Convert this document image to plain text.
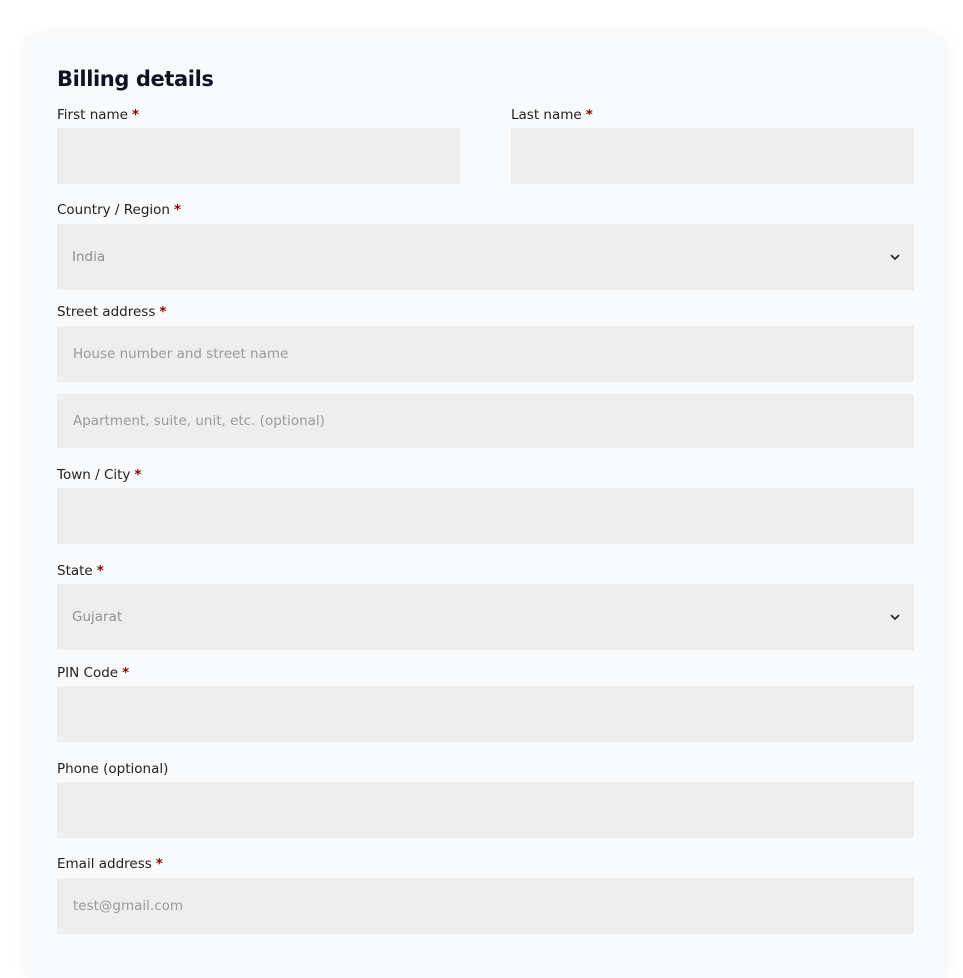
Billing details
First name *	Last name *
Country / Region *
India
Street address *
House number and street name
Apartment, suite, unit, etc. (optional)
Town / City *
State *
Gujarat
PIN Code *
Phone (optional)
Email address *
test@gmail.com
